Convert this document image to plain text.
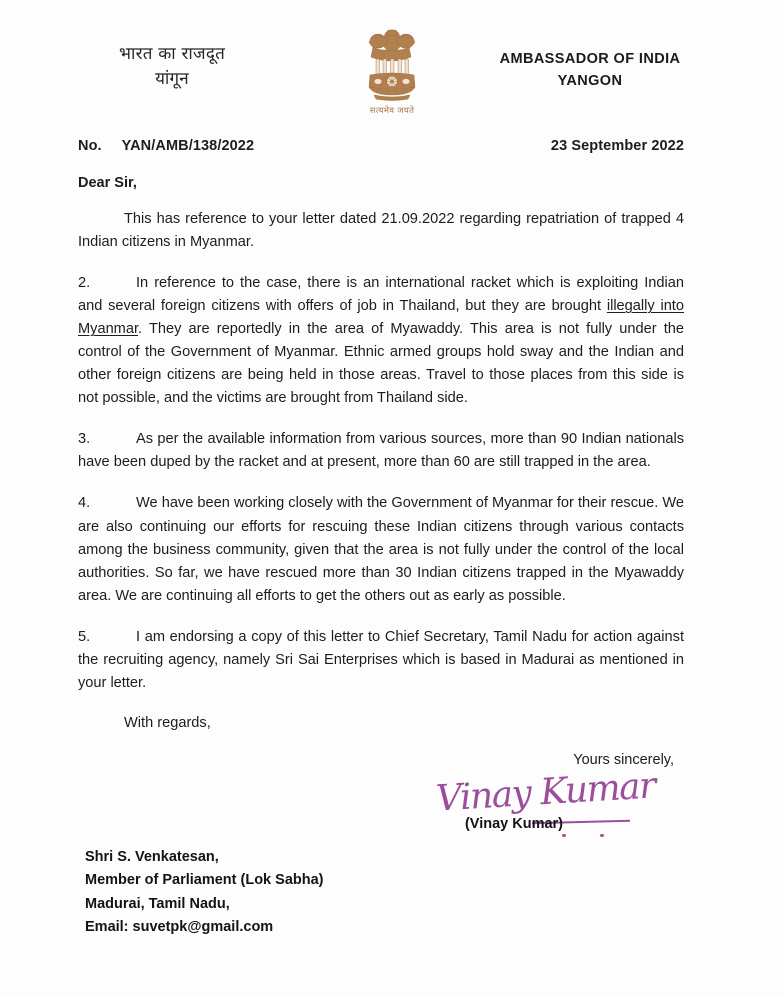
भारत का राजदूत
यांगून
सत्यमेव जयते
AMBASSADOR OF INDIA
YANGON
No. YAN/AMB/138/2022	23 September 2022
Dear Sir,

This has reference to your letter dated 21.09.2022 regarding repatriation of trapped 4 Indian citizens in Myanmar.

2.	In reference to the case, there is an international racket which is exploiting Indian and several foreign citizens with offers of job in Thailand, but they are brought illegally into Myanmar. They are reportedly in the area of Myawaddy. This area is not fully under the control of the Government of Myanmar. Ethnic armed groups hold sway and the Indian and other foreign citizens are being held in those areas. Travel to those places from this side is not possible, and the victims are brought from Thailand side.

3.	As per the available information from various sources, more than 90 Indian nationals have been duped by the racket and at present, more than 60 are still trapped in the area.

4.	We have been working closely with the Government of Myanmar for their rescue. We are also continuing our efforts for rescuing these Indian citizens through various contacts among the business community, given that the area is not fully under the control of the local authorities. So far, we have rescued more than 30 Indian citizens trapped in the Myawaddy area. We are continuing all efforts to get the others out as early as possible.

5.	I am endorsing a copy of this letter to Chief Secretary, Tamil Nadu for action against the recruiting agency, namely Sri Sai Enterprises which is based in Madurai as mentioned in your letter.

With regards,

Yours sincerely,
Vinay Kumar
(Vinay Kumar)
Shri S. Venkatesan,
Member of Parliament (Lok Sabha)
Madurai, Tamil Nadu,
Email: suvetpk@gmail.com
